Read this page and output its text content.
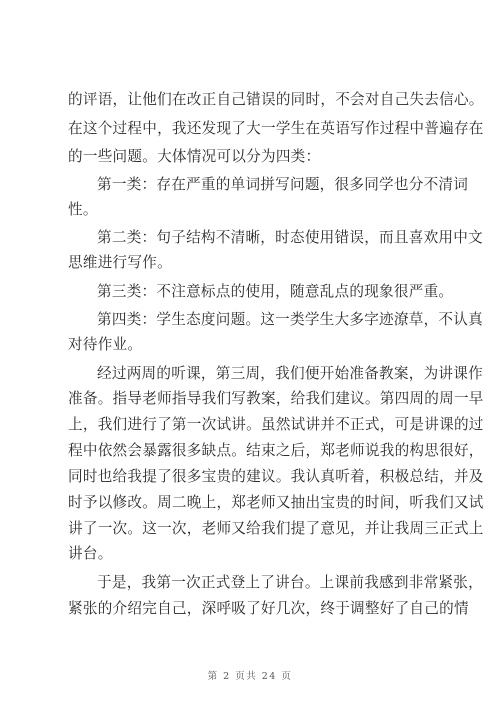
的评语，让他们在改正自己错误的同时，不会对自己失去信心。
在这个过程中，我还发现了大一学生在英语写作过程中普遍存在
的一些问题。大体情况可以分为四类：
第一类：存在严重的单词拼写问题，很多同学也分不清词
性。
第二类：句子结构不清晰，时态使用错误，而且喜欢用中文
思维进行写作。
第三类：不注意标点的使用，随意乱点的现象很严重。
第四类：学生态度问题。这一类学生大多字迹潦草，不认真
对待作业。
经过两周的听课，第三周，我们便开始准备教案，为讲课作
准备。指导老师指导我们写教案，给我们建议。第四周的周一早
上，我们进行了第一次试讲。虽然试讲并不正式，可是讲课的过
程中依然会暴露很多缺点。结束之后，郑老师说我的构思很好，
同时也给我提了很多宝贵的建议。我认真听着，积极总结，并及
时予以修改。周二晚上，郑老师又抽出宝贵的时间，听我们又试
讲了一次。这一次，老师又给我们提了意见，并让我周三正式上
讲台。
于是，我第一次正式登上了讲台。上课前我感到非常紧张，
紧张的介绍完自己，深呼吸了好几次，终于调整好了自己的情
第 2 页共 24 页
